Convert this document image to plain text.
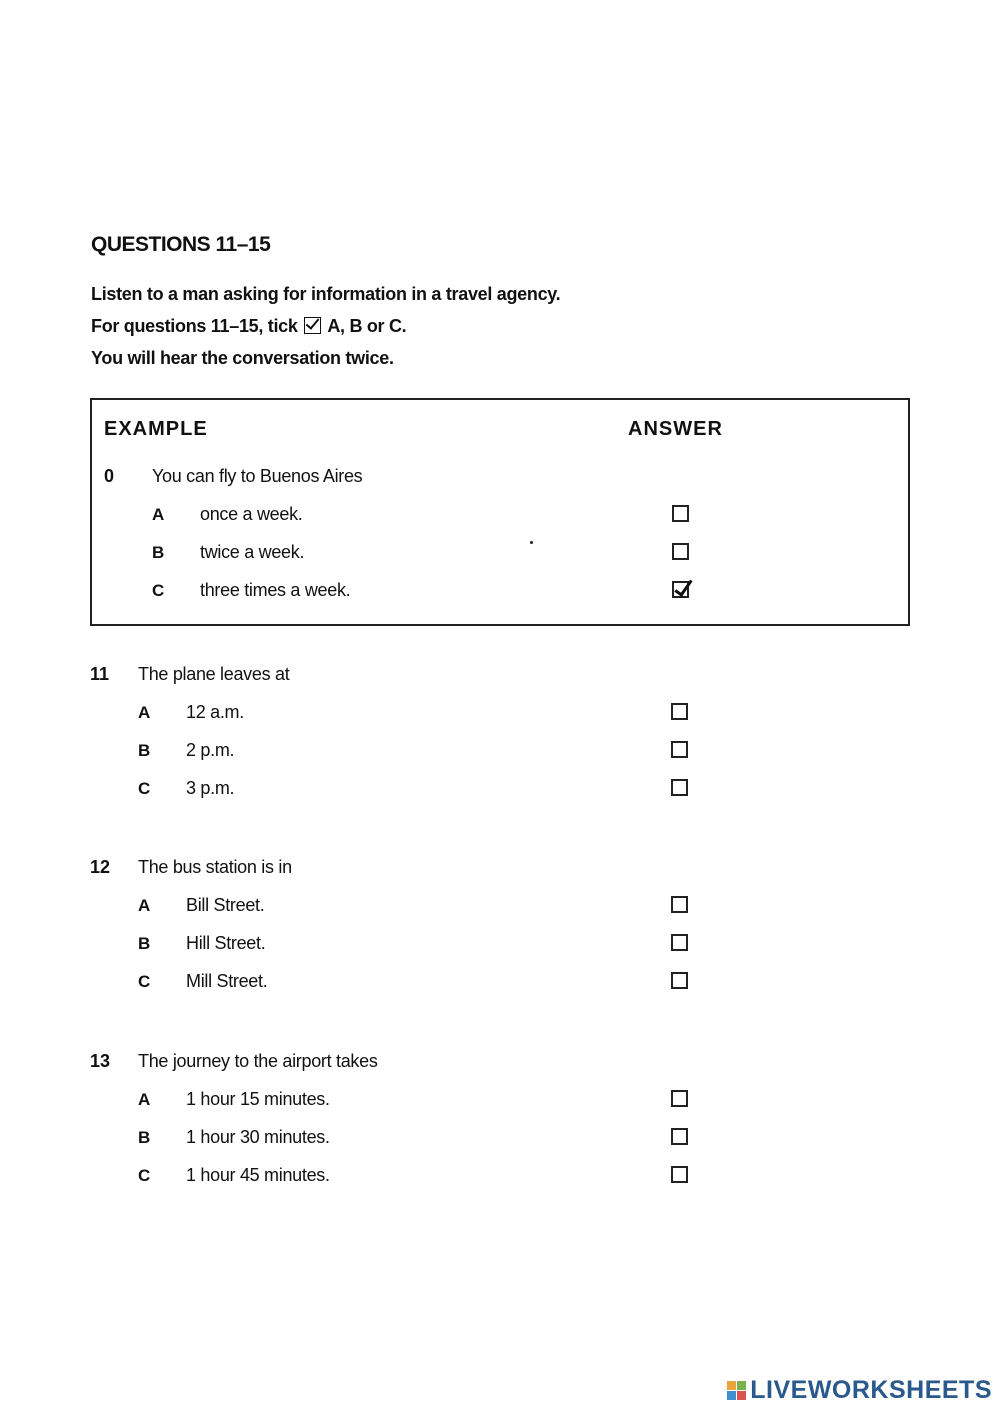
QUESTIONS 11–15
Listen to a man asking for information in a travel agency.
For questions 11–15, tick A, B or C.
You will hear the conversation twice.
EXAMPLE	ANSWER
0 You can fly to Buenos Aires
A once a week.
B twice a week.
C three times a week.
11 The plane leaves at
A 12 a.m.
B 2 p.m.
C 3 p.m.
12 The bus station is in
A Bill Street.
B Hill Street.
C Mill Street.
13 The journey to the airport takes
A 1 hour 15 minutes.
B 1 hour 30 minutes.
C 1 hour 45 minutes.
LIVEWORKSHEETS
